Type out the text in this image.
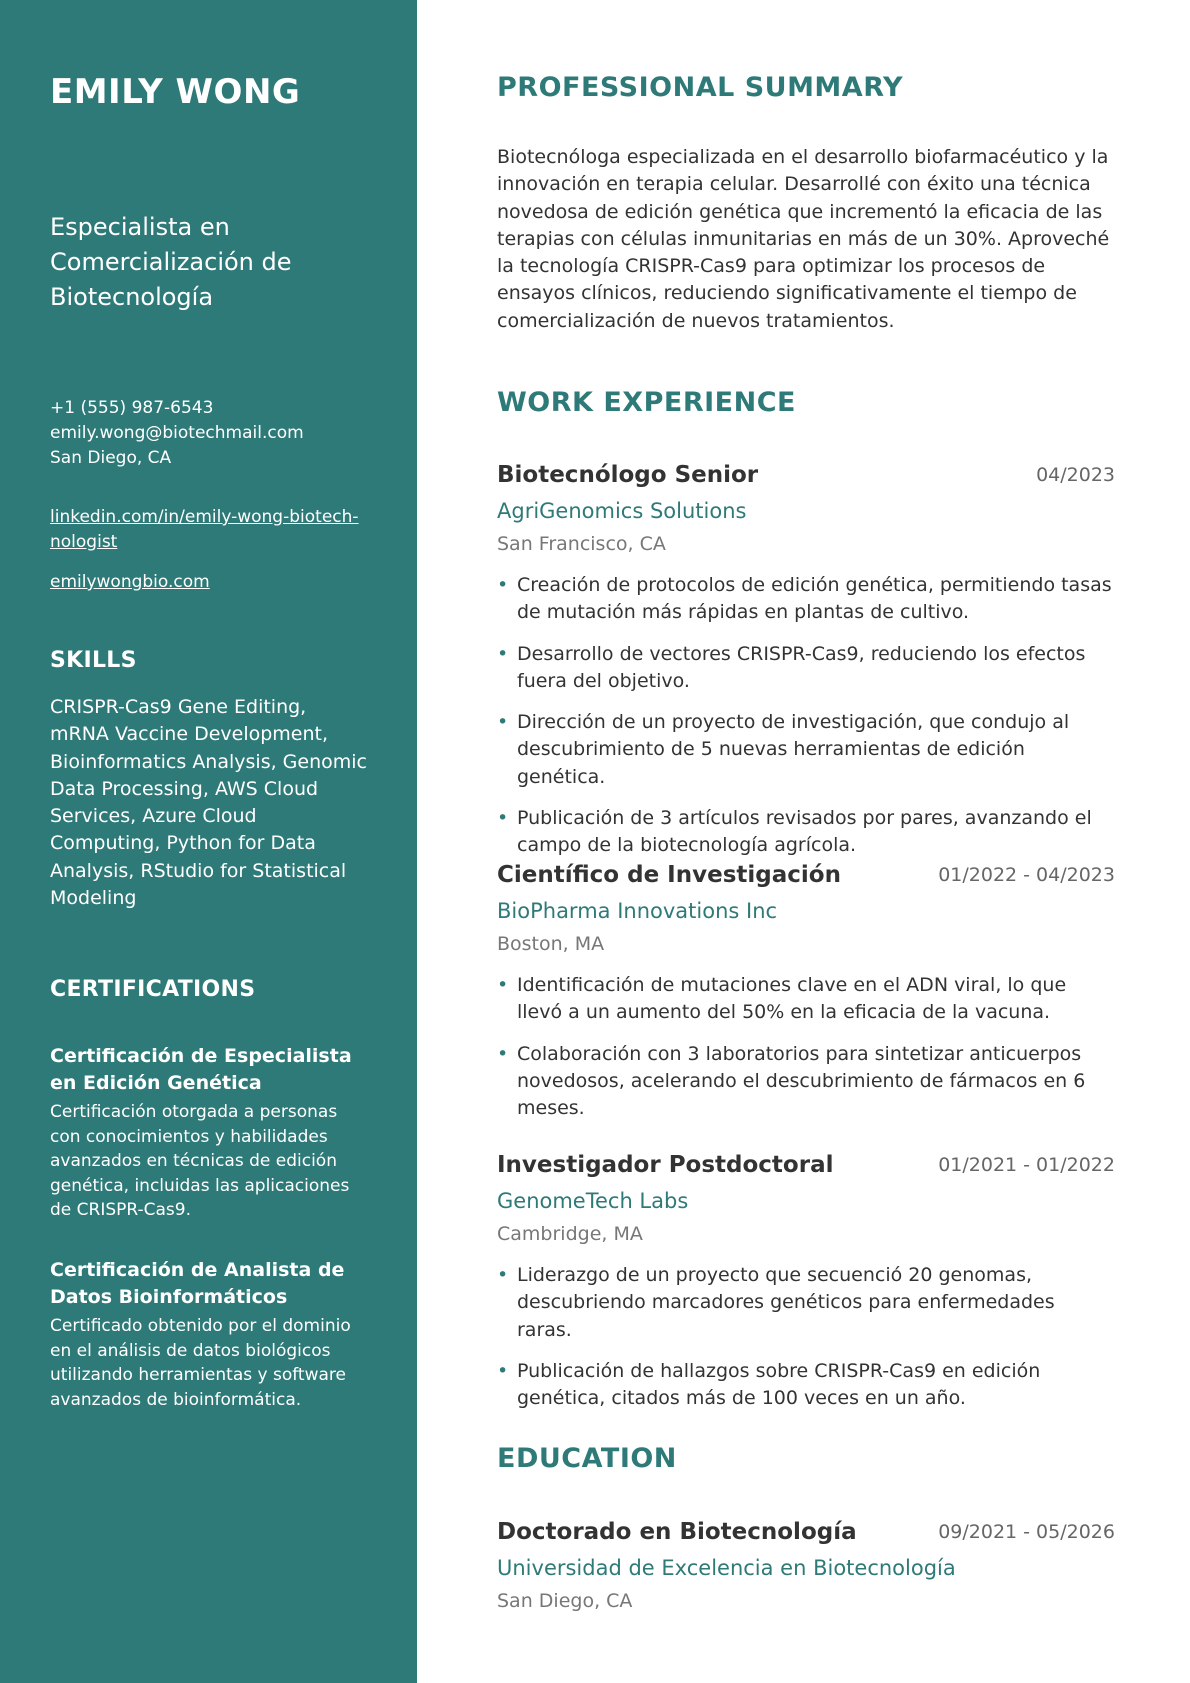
EMILY WONG
Especialista en Comercialización de Biotecnología
+1 (555) 987-6543
emily.wong@biotechmail.com
San Diego, CA
linkedin.com/in/emily-wong-biotech-nologist
emilywongbio.com
SKILLS
CRISPR-Cas9 Gene Editing, mRNA Vaccine Development, Bioinformatics Analysis, Genomic Data Processing, AWS Cloud Services, Azure Cloud Computing, Python for Data Analysis, RStudio for Statistical Modeling
CERTIFICATIONS
Certificación de Especialista en Edición Genética
Certificación otorgada a personas con conocimientos y habilidades avanzados en técnicas de edición genética, incluidas las aplicaciones de CRISPR-Cas9.
Certificación de Analista de Datos Bioinformáticos
Certificado obtenido por el dominio en el análisis de datos biológicos utilizando herramientas y software avanzados de bioinformática.
PROFESSIONAL SUMMARY

Biotecnóloga especializada en el desarrollo biofarmacéutico y la innovación en terapia celular. Desarrollé con éxito una técnica novedosa de edición genética que incrementó la eficacia de las terapias con células inmunitarias en más de un 30%. Aproveché la tecnología CRISPR-Cas9 para optimizar los procesos de ensayos clínicos, reduciendo significativamente el tiempo de comercialización de nuevos tratamientos.

WORK EXPERIENCE
Biotecnólogo Senior	04/2023
AgriGenomics Solutions
San Francisco, CA
• Creación de protocolos de edición genética, permitiendo tasas de mutación más rápidas en plantas de cultivo.
• Desarrollo de vectores CRISPR-Cas9, reduciendo los efectos fuera del objetivo.
• Dirección de un proyecto de investigación, que condujo al descubrimiento de 5 nuevas herramientas de edición genética.
• Publicación de 3 artículos revisados por pares, avanzando el campo de la biotecnología agrícola.
Científico de Investigación	01/2022 - 04/2023
BioPharma Innovations Inc
Boston, MA
• Identificación de mutaciones clave en el ADN viral, lo que llevó a un aumento del 50% en la eficacia de la vacuna.
• Colaboración con 3 laboratorios para sintetizar anticuerpos novedosos, acelerando el descubrimiento de fármacos en 6 meses.
Investigador Postdoctoral	01/2021 - 01/2022
GenomeTech Labs
Cambridge, MA
• Liderazgo de un proyecto que secuenció 20 genomas, descubriendo marcadores genéticos para enfermedades raras.
• Publicación de hallazgos sobre CRISPR-Cas9 en edición genética, citados más de 100 veces en un año.
EDUCATION
Doctorado en Biotecnología	09/2021 - 05/2026
Universidad de Excelencia en Biotecnología
San Diego, CA
